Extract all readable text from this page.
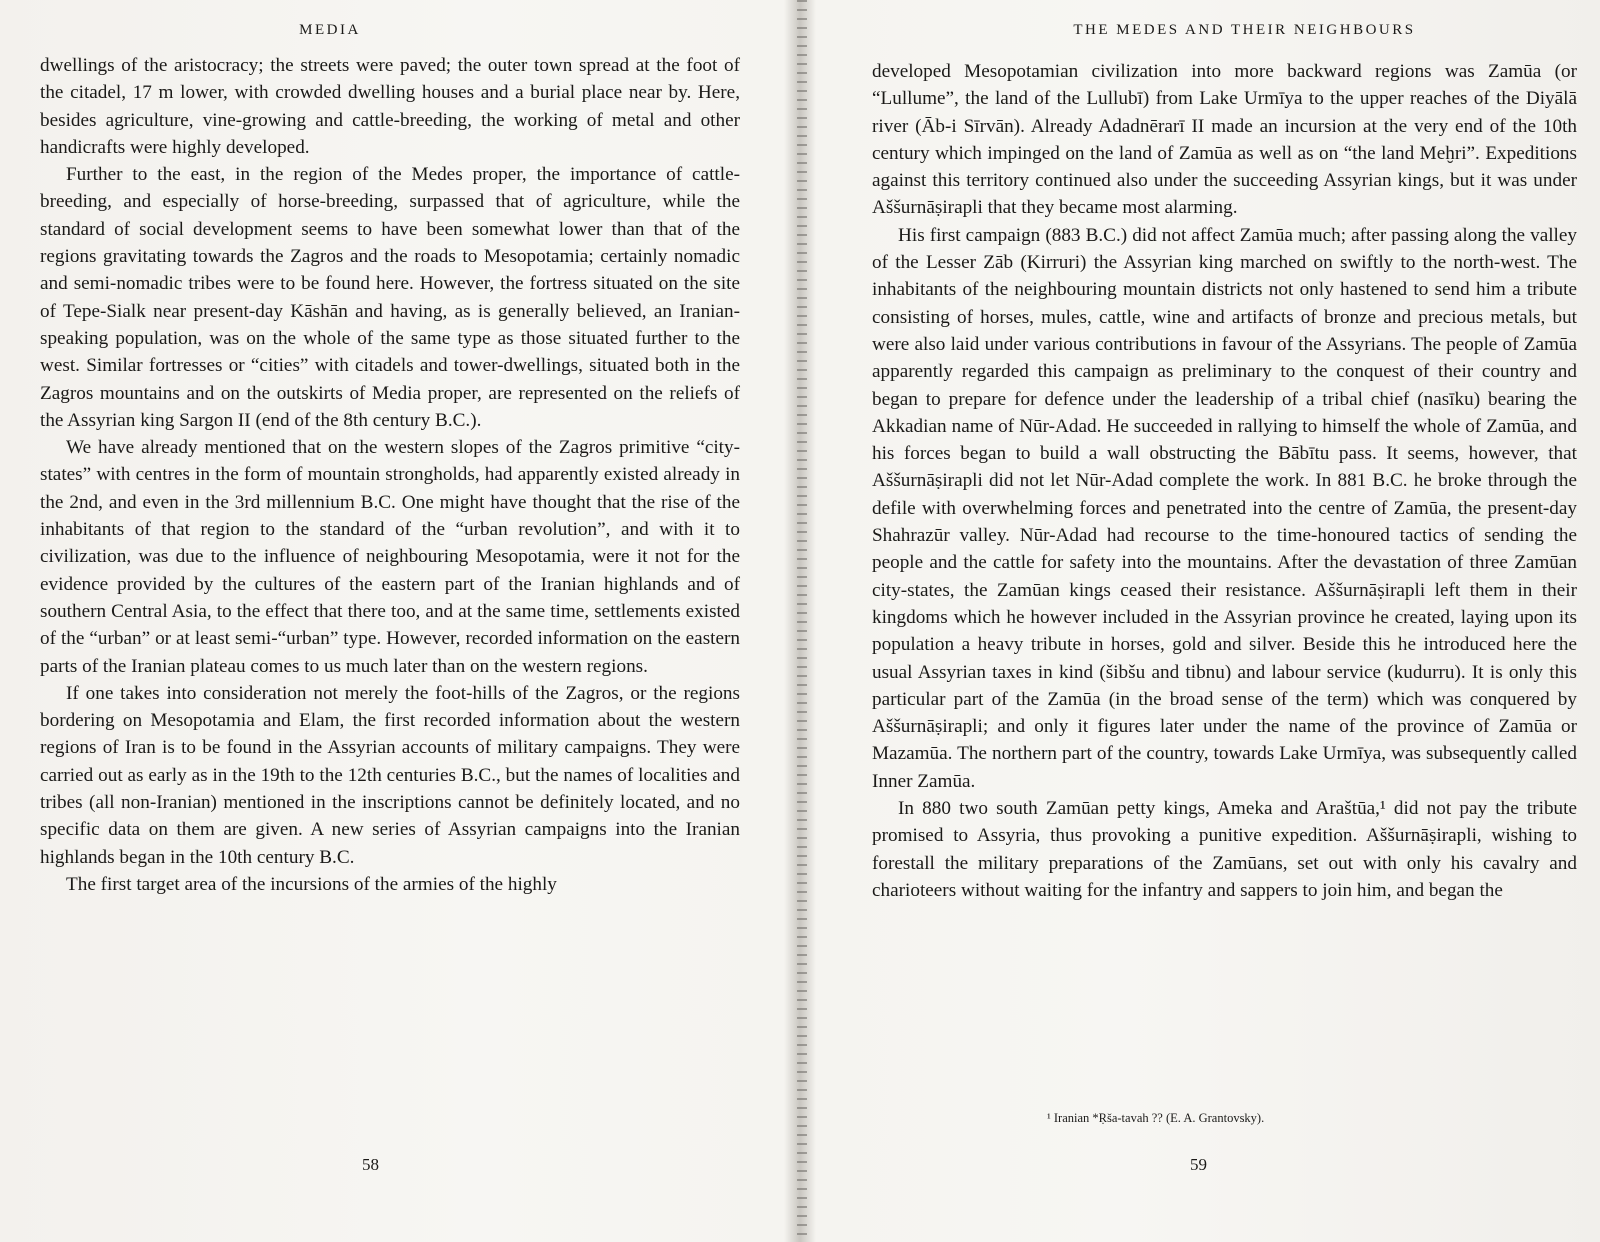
MEDIA

dwellings of the aristocracy; the streets were paved; the outer town spread at the foot of the citadel, 17 m lower, with crowded dwelling houses and a burial place near by. Here, besides agriculture, vine-growing and cattle-breeding, the working of metal and other handicrafts were highly developed.

Further to the east, in the region of the Medes proper, the importance of cattle-breeding, and especially of horse-breeding, surpassed that of agriculture, while the standard of social development seems to have been somewhat lower than that of the regions gravitating towards the Zagros and the roads to Mesopotamia; certainly nomadic and semi-nomadic tribes were to be found here. However, the fortress situated on the site of Tepe-Sialk near present-day Kāshān and having, as is generally believed, an Iranian-speaking population, was on the whole of the same type as those situated further to the west. Similar fortresses or “cities” with citadels and tower-dwellings, situated both in the Zagros mountains and on the outskirts of Media proper, are represented on the reliefs of the Assyrian king Sargon II (end of the 8th century B.C.).

We have already mentioned that on the western slopes of the Zagros primitive “city-states” with centres in the form of mountain strongholds, had apparently existed already in the 2nd, and even in the 3rd millennium B.C. One might have thought that the rise of the inhabitants of that region to the standard of the “urban revolution”, and with it to civilization, was due to the influence of neighbouring Mesopotamia, were it not for the evidence provided by the cultures of the eastern part of the Iranian highlands and of southern Central Asia, to the effect that there too, and at the same time, settlements existed of the “urban” or at least semi-“urban” type. However, recorded information on the eastern parts of the Iranian plateau comes to us much later than on the western regions.

If one takes into consideration not merely the foot-hills of the Zagros, or the regions bordering on Mesopotamia and Elam, the first recorded information about the western regions of Iran is to be found in the Assyrian accounts of military campaigns. They were carried out as early as in the 19th to the 12th centuries B.C., but the names of localities and tribes (all non-Iranian) mentioned in the inscriptions cannot be definitely located, and no specific data on them are given. A new series of Assyrian campaigns into the Iranian highlands began in the 10th century B.C.

The first target area of the incursions of the armies of the highly

58
THE MEDES AND THEIR NEIGHBOURS

developed Mesopotamian civilization into more backward regions was Zamūa (or “Lullume”, the land of the Lullubī) from Lake Urmīya to the upper reaches of the Diyālā river (Āb-i Sīrvān). Already Adadnērarī II made an incursion at the very end of the 10th century which impinged on the land of Zamūa as well as on “the land Meḫri”. Expeditions against this territory continued also under the succeeding Assyrian kings, but it was under Aššurnāṣirapli that they became most alarming.

His first campaign (883 B.C.) did not affect Zamūa much; after passing along the valley of the Lesser Zāb (Kirruri) the Assyrian king marched on swiftly to the north-west. The inhabitants of the neighbouring mountain districts not only hastened to send him a tribute consisting of horses, mules, cattle, wine and artifacts of bronze and precious metals, but were also laid under various contributions in favour of the Assyrians. The people of Zamūa apparently regarded this campaign as preliminary to the conquest of their country and began to prepare for defence under the leadership of a tribal chief (nasīku) bearing the Akkadian name of Nūr-Adad. He succeeded in rallying to himself the whole of Zamūa, and his forces began to build a wall obstructing the Bābītu pass. It seems, however, that Aššurnāṣirapli did not let Nūr-Adad complete the work. In 881 B.C. he broke through the defile with overwhelming forces and penetrated into the centre of Zamūa, the present-day Shahrazūr valley. Nūr-Adad had recourse to the time-honoured tactics of sending the people and the cattle for safety into the mountains. After the devastation of three Zamūan city-states, the Zamūan kings ceased their resistance. Aššurnāṣirapli left them in their kingdoms which he however included in the Assyrian province he created, laying upon its population a heavy tribute in horses, gold and silver. Beside this he introduced here the usual Assyrian taxes in kind (šibšu and tibnu) and labour service (kudurru). It is only this particular part of the Zamūa (in the broad sense of the term) which was conquered by Aššurnāṣirapli; and only it figures later under the name of the province of Zamūa or Mazamūa. The northern part of the country, towards Lake Urmīya, was subsequently called Inner Zamūa.

In 880 two south Zamūan petty kings, Ameka and Araštūa,¹ did not pay the tribute promised to Assyria, thus provoking a punitive expedition. Aššurnāṣirapli, wishing to forestall the military preparations of the Zamūans, set out with only his cavalry and charioteers without waiting for the infantry and sappers to join him, and began the

¹ Iranian *Ṛša-tavah ?? (E. A. Grantovsky).
59
